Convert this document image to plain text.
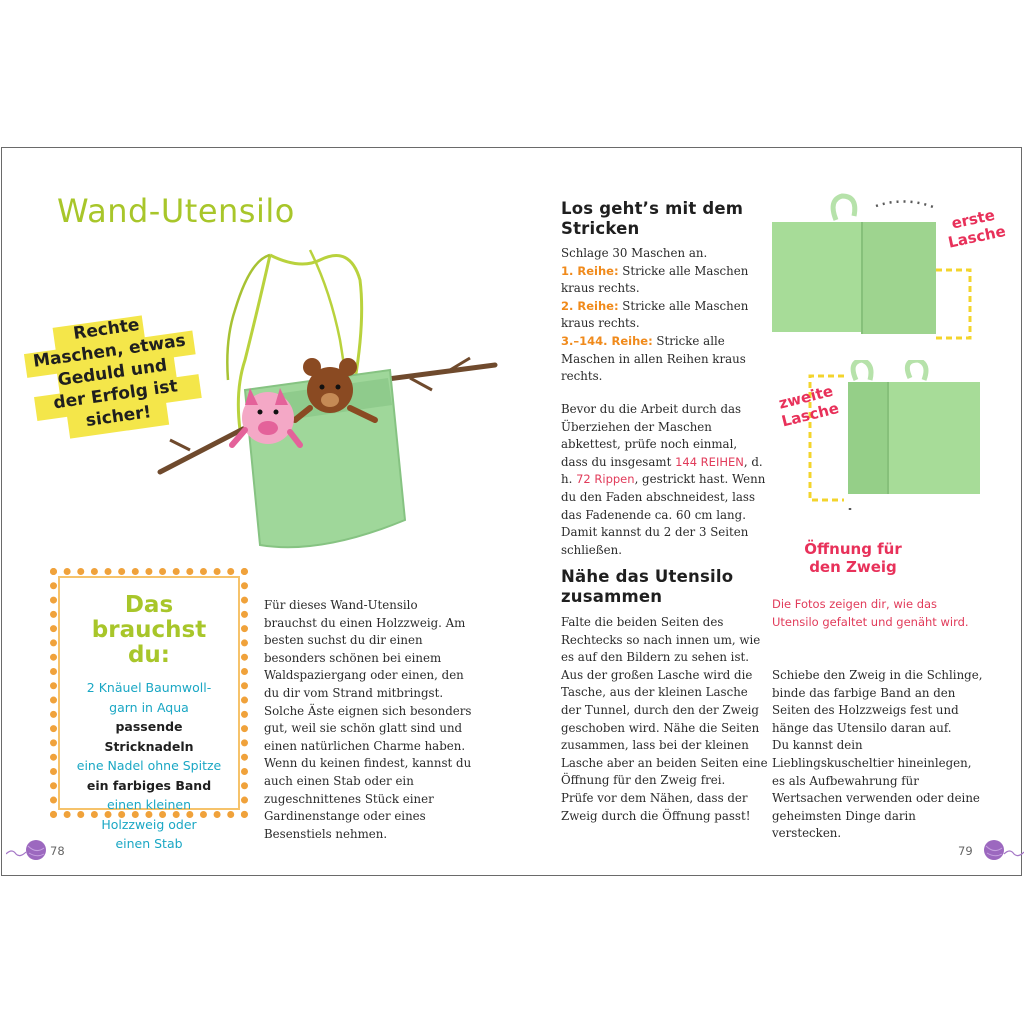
Wand-Utensilo
Rechte
Maschen, etwas
Geduld und
der Erfolg ist
sicher!
Das
brauchst du:
2 Knäuel Baumwoll-
garn in Aqua
passende Stricknadeln
eine Nadel ohne Spitze
ein farbiges Band
einen kleinen
Holzzweig oder
einen Stab
Für dieses Wand-Utensilo brauchst du einen Holzzweig. Am besten suchst du dir einen besonders schönen bei einem Waldspaziergang oder einen, den du dir vom Strand mitbringst. Solche Äste eignen sich besonders gut, weil sie schön glatt sind und einen natürlichen Charme haben. Wenn du keinen findest, kannst du auch einen Stab oder ein zugeschnittenes Stück einer Gardinenstange oder eines Besenstiels nehmen.
78
Los geht’s mit dem Stricken
Schlage 30 Maschen an.
1. Reihe: Stricke alle Maschen kraus rechts.
2. Reihe: Stricke alle Maschen kraus rechts.
3.–144. Reihe: Stricke alle Maschen in allen Reihen kraus rechts.
Bevor du die Arbeit durch das Überziehen der Maschen abkettest, prüfe noch einmal, dass du insgesamt 144 REIHEN, d. h. 72 Rippen, gestrickt hast. Wenn du den Faden abschneidest, lass das Fadenende ca. 60 cm lang. Damit kannst du 2 der 3 Seiten schließen.
Nähe das Utensilo zusammen
Falte die beiden Seiten des Rechtecks so nach innen um, wie es auf den Bildern zu sehen ist. Aus der großen Lasche wird die Tasche, aus der kleinen Lasche der Tunnel, durch den der Zweig geschoben wird. Nähe die Seiten zusammen, lass bei der kleinen Lasche aber an beiden Seiten eine Öffnung für den Zweig frei.
Prüfe vor dem Nähen, dass der Zweig durch die Öffnung passt!
erste
Lasche
zweite
Lasche
Öffnung für
den Zweig
Die Fotos zeigen dir, wie das Utensilo gefaltet und genäht wird.
Schiebe den Zweig in die Schlinge, binde das farbige Band an den Seiten des Holzzweigs fest und hänge das Utensilo daran auf.
Du kannst dein Lieblingskuscheltier hineinlegen, es als Aufbewahrung für Wertsachen verwenden oder deine geheimsten Dinge darin verstecken.
79
